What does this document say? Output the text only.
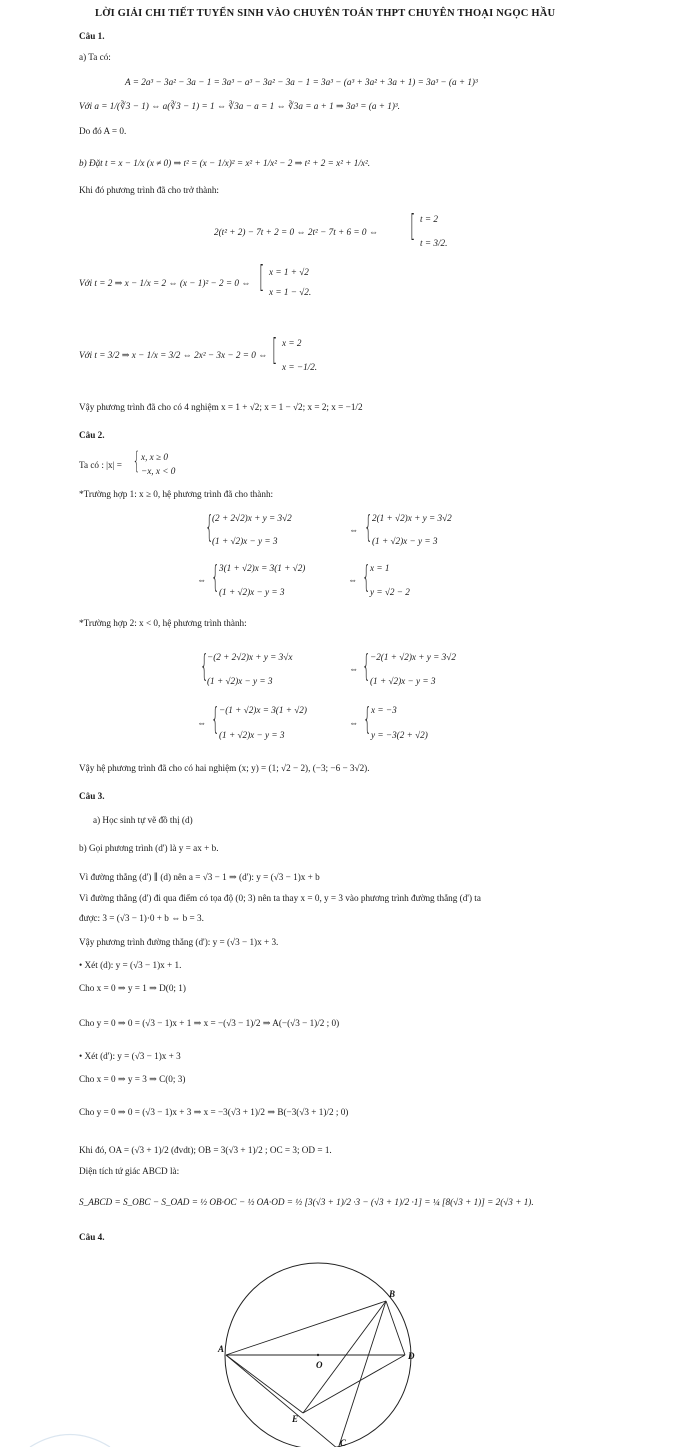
LỜI GIẢI CHI TIẾT TUYỂN SINH VÀO CHUYÊN TOÁN THPT CHUYÊN THOẠI NGỌC HẦU
Câu 1.
a) Ta có:
A = 2a³ − 3a² − 3a − 1 = 3a³ − a³ − 3a² − 3a − 1 = 3a³ − (a³ + 3a² + 3a + 1) = 3a³ − (a + 1)³
Với a = 1/(∛3 − 1) ⇔ a(∛3 − 1) = 1 ⇔ ∛3a − a = 1 ⇔ ∛3a = a + 1 ⇒ 3a³ = (a + 1)³.
Do đó A = 0.
b) Đặt t = x − 1/x (x ≠ 0) ⇒ t² = (x − 1/x)² = x² + 1/x² − 2 ⇒ t² + 2 = x² + 1/x².
Khi đó phương trình đã cho trở thành:
2(t² + 2) − 7t + 2 = 0 ⇔ 2t² − 7t + 6 = 0 ⇔ [ t = 2
t = 3/2.
Với t = 2 ⇒ x − 1/x = 2 ⇔ (x − 1)² − 2 = 0 ⇔ [ x = 1 + √2
x = 1 − √2.
Với t = 3/2 ⇒ x − 1/x = 3/2 ⇔ 2x² − 3x − 2 = 0 ⇔ [ x = 2
x = −1/2.
Vậy phương trình đã cho có 4 nghiệm x = 1 + √2; x = 1 − √2; x = 2; x = −1/2
Câu 2.
Ta có : |x| = { x, x ≥ 0
−x, x < 0
*Trường hợp 1: x ≥ 0, hệ phương trình đã cho thành:
{
(2 + 2√2)x + y = 3√2
(1 + √2)x − y = 3
⇔ { 2(1 + √2)x + y = 3√2
(1 + √2)x − y = 3
⇔ { 3(1 + √2)x = 3(1 + √2)
(1 + √2)x − y = 3
⇔ { x = 1
y = √2 − 2
*Trường hợp 2: x < 0, hệ phương trình thành:
{
−(2 + 2√2)x + y = 3√x
(1 + √2)x − y = 3
⇔ { −2(1 + √2)x + y = 3√2
(1 + √2)x − y = 3
⇔ { −(1 + √2)x = 3(1 + √2)
(1 + √2)x − y = 3
⇔ { x = −3
y = −3(2 + √2)
Vậy hệ phương trình đã cho có hai nghiệm (x; y) = (1; √2 − 2), (−3; −6 − 3√2).
Câu 3.
a) Học sinh tự vẽ đồ thị (d)
b) Gọi phương trình (d') là y = ax + b.
Vì đường thẳng (d') ∥ (d) nên a = √3 − 1 ⇒ (d'): y = (√3 − 1)x + b
Vì đường thẳng (d') đi qua điểm có tọa độ (0; 3) nên ta thay x = 0, y = 3 vào phương trình đường thẳng (d') ta
được: 3 = (√3 − 1)·0 + b ⇔ b = 3.
Vậy phương trình đường thẳng (d'): y = (√3 − 1)x + 3.
• Xét (d): y = (√3 − 1)x + 1.
Cho x = 0 ⇒ y = 1 ⇒ D(0; 1)
Cho y = 0 ⇒ 0 = (√3 − 1)x + 1 ⇒ x = −(√3 − 1)/2 ⇒ A(−(√3 − 1)/2 ; 0)
• Xét (d'): y = (√3 − 1)x + 3
Cho x = 0 ⇒ y = 3 ⇒ C(0; 3)
Cho y = 0 ⇒ 0 = (√3 − 1)x + 3 ⇒ x = −3(√3 + 1)/2 ⇒ B(−3(√3 + 1)/2 ; 0)
Khi đó, OA = (√3 + 1)/2 (đvdt); OB = 3(√3 + 1)/2 ; OC = 3; OD = 1.
Diện tích tứ giác ABCD là:
S_ABCD = S_OBC − S_OAD = ½ OB·OC − ½ OA·OD = ½ [3(√3 + 1)/2 ·3 − (√3 + 1)/2 ·1] = ¼ [8(√3 + 1)] = 2(√3 + 1).
Câu 4.
A
B
O
D
E
C
